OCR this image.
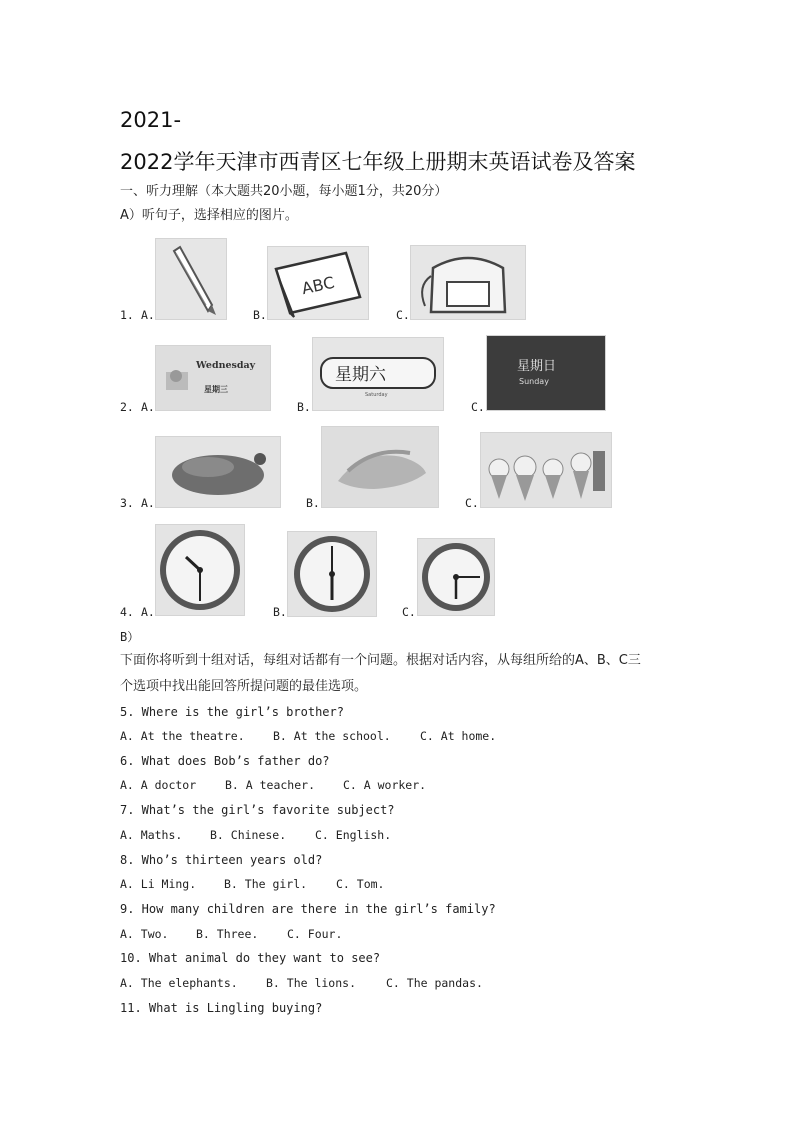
2021-
2022学年天津市西青区七年级上册期末英语试卷及答案
一、听力理解（本大题共20小题，每小题1分，共20分）
A）听句子，选择相应的图片。
1. A.	B.
ABC
C.
2. A.
Wednesday
星期三
B.
星期六
Saturday
C.
星期日
Sunday
3. A.	B.	C.
4. A.	B.	C.
B）
下面你将听到十组对话，每组对话都有一个问题。根据对话内容，从每组所给的A、B、C三
个选项中找出能回答所提问题的最佳选项。
5. Where is the girl’s brother?
A. At the theatre. B. At the school.	C. At home.
6. What does Bob’s father do?
A. A doctor	B. A teacher. C. A worker.
7. What’s the girl’s favorite subject?
A. Maths. B. Chinese.	C. English.
8. Who’s thirteen years old?
A. Li Ming. B. The girl.	C. Tom.
9. How many children are there in the girl’s family?
A. Two. B. Three. C. Four.
10. What animal do they want to see?
A. The elephants. B. The lions.	C. The pandas.
11. What is Lingling buying?
